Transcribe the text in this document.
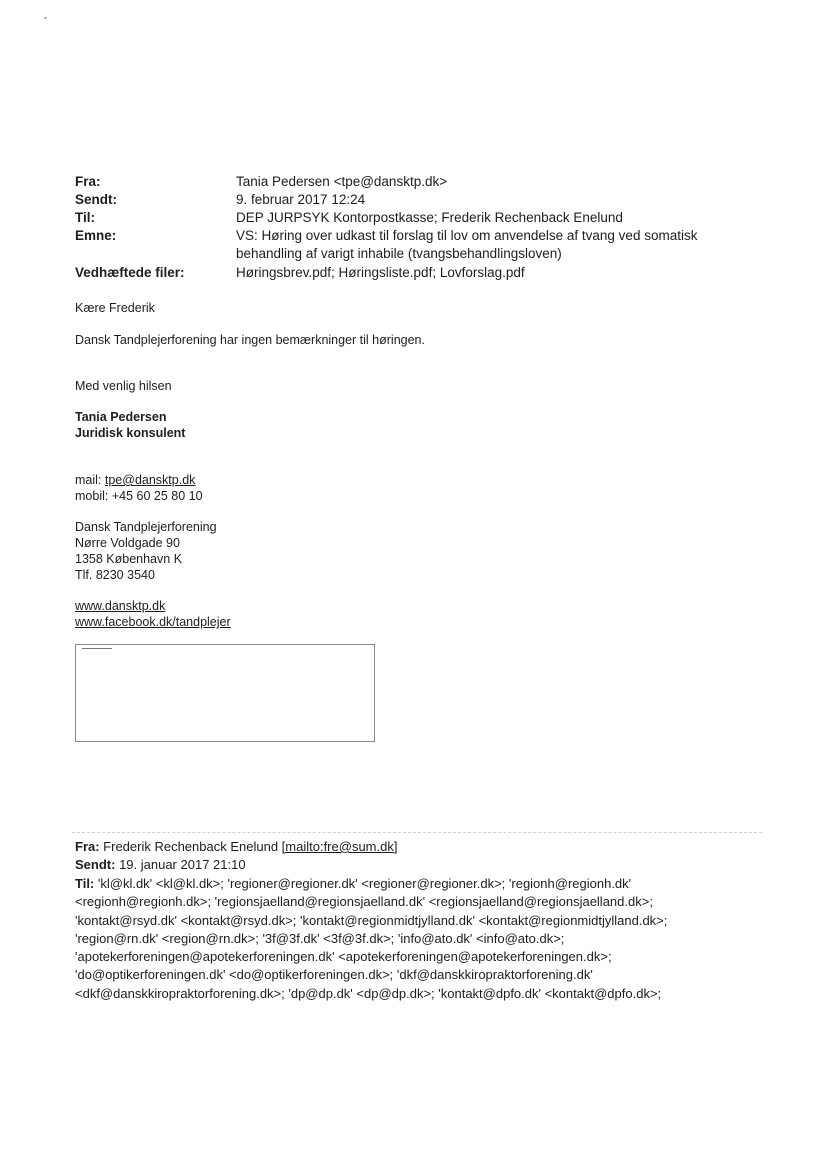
Fra:	Tania Pedersen <tpe@dansktp.dk>
Sendt:	9. februar 2017 12:24
Til:	DEP JURPSYK Kontorpostkasse; Frederik Rechenback Enelund
Emne:	VS: Høring over udkast til forslag til lov om anvendelse af tvang ved somatisk
behandling af varigt inhabile (tvangsbehandlingsloven)
Vedhæftede filer:	Høringsbrev.pdf; Høringsliste.pdf; Lovforslag.pdf
Kære Frederik
Dansk Tandplejerforening har ingen bemærkninger til høringen.
Med venlig hilsen
Tania Pedersen
Juridisk konsulent
mail: tpe@dansktp.dk
mobil: +45 60 25 80 10
Dansk Tandplejerforening
Nørre Voldgade 90
1358 København K
Tlf. 8230 3540
www.dansktp.dk
www.facebook.dk/tandplejer
Fra: Frederik Rechenback Enelund [mailto:fre@sum.dk]
Sendt: 19. januar 2017 21:10
Til: 'kl@kl.dk' <kl@kl.dk>; 'regioner@regioner.dk' <regioner@regioner.dk>; 'regionh@regionh.dk'
<regionh@regionh.dk>; 'regionsjaelland@regionsjaelland.dk' <regionsjaelland@regionsjaelland.dk>;
'kontakt@rsyd.dk' <kontakt@rsyd.dk>; 'kontakt@regionmidtjylland.dk' <kontakt@regionmidtjylland.dk>;
'region@rn.dk' <region@rn.dk>; '3f@3f.dk' <3f@3f.dk>; 'info@ato.dk' <info@ato.dk>;
'apotekerforeningen@apotekerforeningen.dk' <apotekerforeningen@apotekerforeningen.dk>;
'do@optikerforeningen.dk' <do@optikerforeningen.dk>; 'dkf@danskkiropraktorforening.dk'
<dkf@danskkiropraktorforening.dk>; 'dp@dp.dk' <dp@dp.dk>; 'kontakt@dpfo.dk' <kontakt@dpfo.dk>;
